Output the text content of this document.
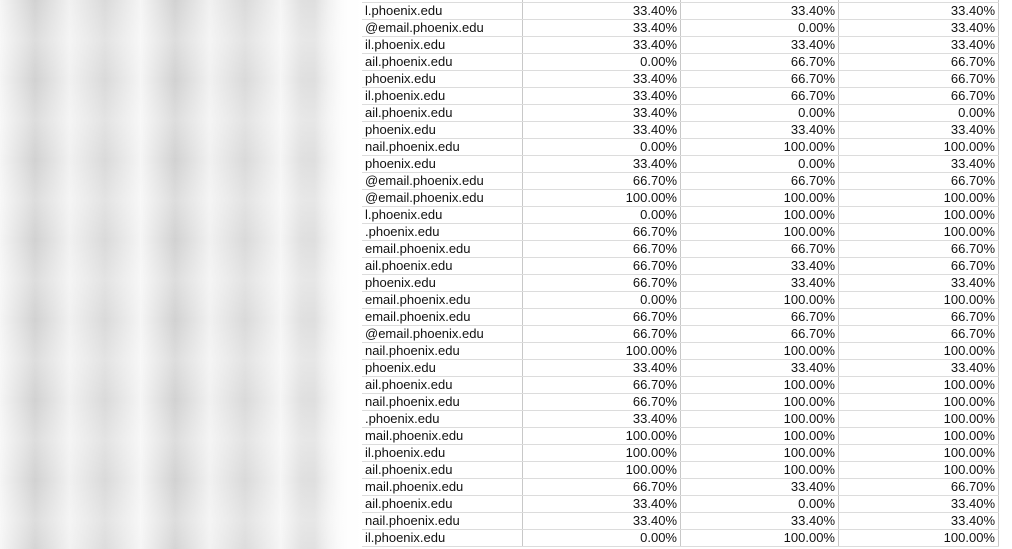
l.phoenix.edu	33.40%	33.40%	33.40%
@email.phoenix.edu	33.40%	0.00%	33.40%
il.phoenix.edu	33.40%	33.40%	33.40%
ail.phoenix.edu	0.00%	66.70%	66.70%
phoenix.edu	33.40%	66.70%	66.70%
il.phoenix.edu	33.40%	66.70%	66.70%
ail.phoenix.edu	33.40%	0.00%	0.00%
phoenix.edu	33.40%	33.40%	33.40%
nail.phoenix.edu	0.00%	100.00%	100.00%
phoenix.edu	33.40%	0.00%	33.40%
@email.phoenix.edu	66.70%	66.70%	66.70%
@email.phoenix.edu	100.00%	100.00%	100.00%
l.phoenix.edu	0.00%	100.00%	100.00%
.phoenix.edu	66.70%	100.00%	100.00%
email.phoenix.edu	66.70%	66.70%	66.70%
ail.phoenix.edu	66.70%	33.40%	66.70%
phoenix.edu	66.70%	33.40%	33.40%
email.phoenix.edu	0.00%	100.00%	100.00%
email.phoenix.edu	66.70%	66.70%	66.70%
@email.phoenix.edu	66.70%	66.70%	66.70%
nail.phoenix.edu	100.00%	100.00%	100.00%
phoenix.edu	33.40%	33.40%	33.40%
ail.phoenix.edu	66.70%	100.00%	100.00%
nail.phoenix.edu	66.70%	100.00%	100.00%
.phoenix.edu	33.40%	100.00%	100.00%
mail.phoenix.edu	100.00%	100.00%	100.00%
il.phoenix.edu	100.00%	100.00%	100.00%
ail.phoenix.edu	100.00%	100.00%	100.00%
mail.phoenix.edu	66.70%	33.40%	66.70%
ail.phoenix.edu	33.40%	0.00%	33.40%
nail.phoenix.edu	33.40%	33.40%	33.40%
il.phoenix.edu	0.00%	100.00%	100.00%
